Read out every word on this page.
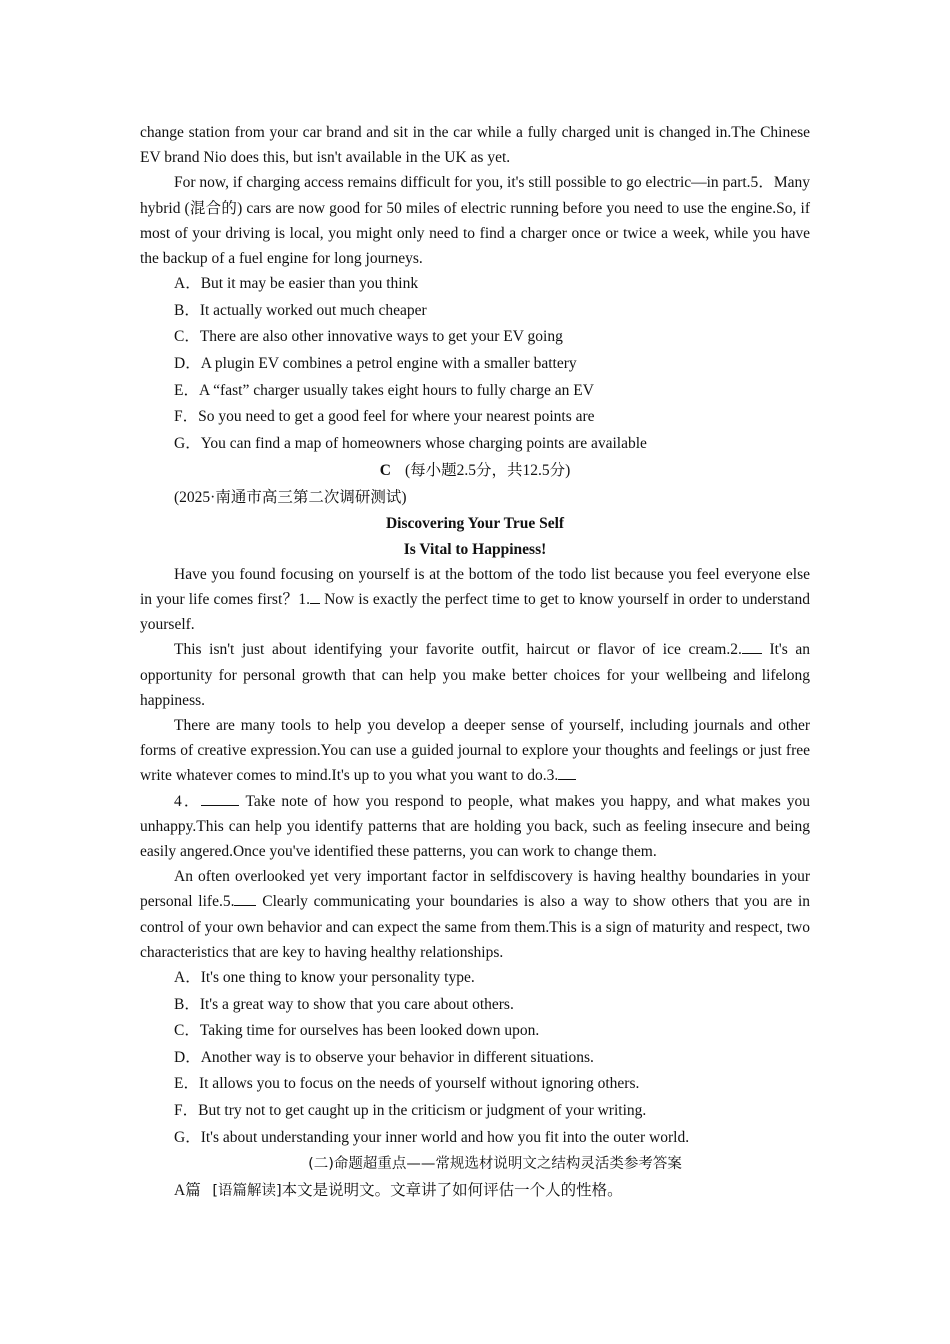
change station from your car brand and sit in the car while a fully charged unit is changed in.The Chinese EV brand Nio does this, but isn't available in the UK as yet.

For now, if charging access remains difficult for you, it's still possible to go electric—in part.5．Many hybrid (混合的) cars are now good for 50 miles of electric running before you need to use the engine.So, if most of your driving is local, you might only need to find a charger once or twice a week, while you have the backup of a fuel engine for long journeys.

A．But it may be easier than you think

B．It actually worked out much cheaper

C．There are also other innovative ways to get your EV going

D．A plugin EV combines a petrol engine with a smaller battery

E．A “fast” charger usually takes eight hours to fully charge an EV

F．So you need to get a good feel for where your nearest points are

G．You can find a map of homeowners whose charging points are available

C (每小题2.5分，共12.5分)

(2025·南通市高三第二次调研测试)

Discovering Your True Self

Is Vital to Happiness!

Have you found focusing on yourself is at the bottom of the todo list because you feel everyone else in your life comes first？1. Now is exactly the perfect time to get to know yourself in order to understand yourself.

This isn't just about identifying your favorite outfit, haircut or flavor of ice cream.2. It's an opportunity for personal growth that can help you make better choices for your wellbeing and lifelong happiness.

There are many tools to help you develop a deeper sense of yourself, including journals and other forms of creative expression.You can use a guided journal to explore your thoughts and feelings or just free write whatever comes to mind.It's up to you what you want to do.3.

4．	Take note of how you respond to people, what makes you happy, and what makes you unhappy.This can help you identify patterns that are holding you back, such as feeling insecure and being easily angered.Once you've identified these patterns, you can work to change them.

An often overlooked yet very important factor in selfdiscovery is having healthy boundaries in your personal life.5. Clearly communicating your boundaries is also a way to show others that you are in control of your own behavior and can expect the same from them.This is a sign of maturity and respect, two characteristics that are key to having healthy relationships.

A．It's one thing to know your personality type.

B．It's a great way to show that you care about others.

C．Taking time for ourselves has been looked down upon.

D．Another way is to observe your behavior in different situations.

E．It allows you to focus on the needs of yourself without ignoring others.

F．But try not to get caught up in the criticism or judgment of your writing.

G．It's about understanding your inner world and how you fit into the outer world.

(二)命题超重点——常规选材说明文之结构灵活类参考答案

A篇 [语篇解读]本文是说明文。文章讲了如何评估一个人的性格。
